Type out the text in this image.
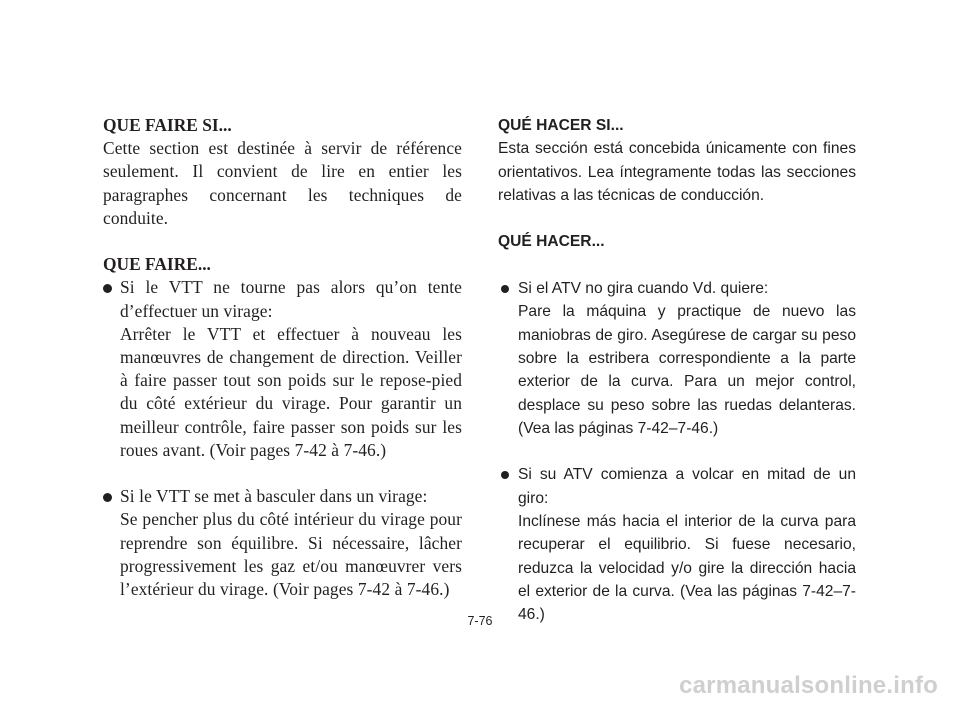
QUE FAIRE SI...

Cette section est destinée à servir de référence seulement. Il convient de lire en entier les paragraphes concernant les techniques de conduite.

QUE FAIRE...

Si le VTT ne tourne pas alors qu’on tente d’effectuer un virage:
Arrêter le VTT et effectuer à nouveau les manœuvres de changement de direction. Veiller à faire passer tout son poids sur le repose-pied du côté extérieur du virage. Pour garantir un meilleur contrôle, faire passer son poids sur les roues avant. (Voir pages 7-42 à 7-46.)
Si le VTT se met à basculer dans un virage:
Se pencher plus du côté intérieur du virage pour reprendre son équilibre. Si nécessaire, lâcher progressivement les gaz et/ou manœuvrer vers l’extérieur du virage. (Voir pages 7-42 à 7-46.)

QUÉ HACER SI...

Esta sección está concebida únicamente con fines orientativos. Lea íntegramente todas las secciones relativas a las técnicas de conducción.

QUÉ HACER...

Si el ATV no gira cuando Vd. quiere:
Pare la máquina y practique de nuevo las maniobras de giro. Asegúrese de cargar su peso sobre la estribera correspondiente a la parte exterior de la curva. Para un mejor control, desplace su peso sobre las ruedas delanteras. (Vea las páginas 7-42–7-46.)
Si su ATV comienza a volcar en mitad de un giro:
Inclínese más hacia el interior de la curva para recuperar el equilibrio. Si fuese necesario, reduzca la velocidad y/o gire la dirección hacia el exterior de la curva. (Vea las páginas 7-42–7-46.)
7-76
carmanualsonline.info
